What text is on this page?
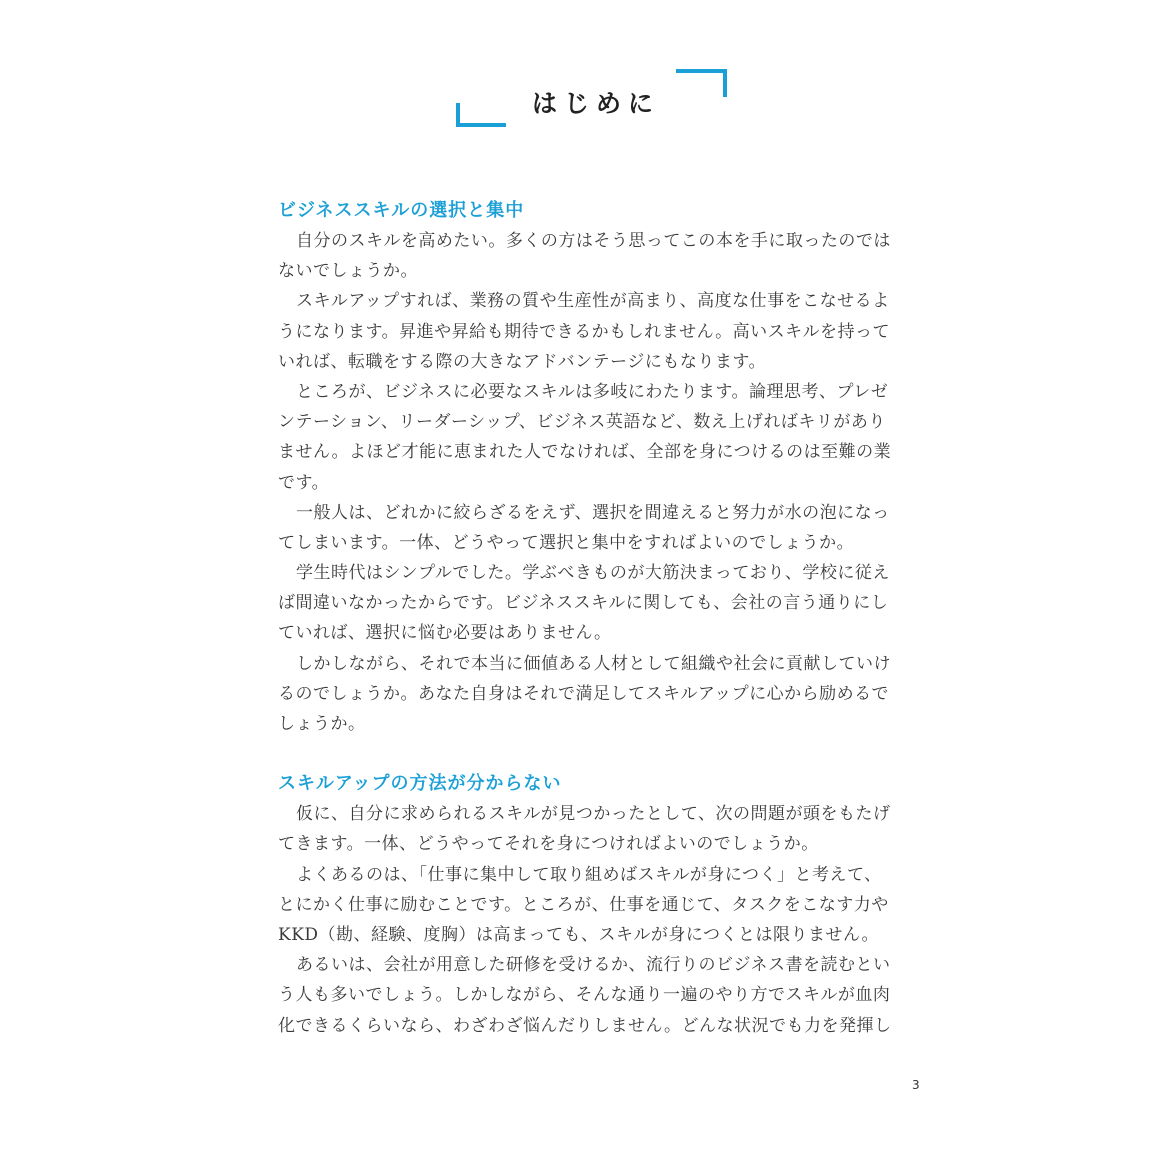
はじめに
ビジネススキルの選択と集中

自分のスキルを高めたい。多くの方はそう思ってこの本を手に取ったのでは
ないでしょうか。

スキルアップすれば、業務の質や生産性が高まり、高度な仕事をこなせるよ
うになります。昇進や昇給も期待できるかもしれません。高いスキルを持って
いれば、転職をする際の大きなアドバンテージにもなります。

ところが、ビジネスに必要なスキルは多岐にわたります。論理思考、プレゼ
ンテーション、リーダーシップ、ビジネス英語など、数え上げればキリがあり
ません。よほど才能に恵まれた人でなければ、全部を身につけるのは至難の業
です。

一般人は、どれかに絞らざるをえず、選択を間違えると努力が水の泡になっ
てしまいます。一体、どうやって選択と集中をすればよいのでしょうか。

学生時代はシンプルでした。学ぶべきものが大筋決まっており、学校に従え
ば間違いなかったからです。ビジネススキルに関しても、会社の言う通りにし
ていれば、選択に悩む必要はありません。

しかしながら、それで本当に価値ある人材として組織や社会に貢献していけ
るのでしょうか。あなた自身はそれで満足してスキルアップに心から励めるで
しょうか。

スキルアップの方法が分からない

仮に、自分に求められるスキルが見つかったとして、次の問題が頭をもたげ
てきます。一体、どうやってそれを身につければよいのでしょうか。

よくあるのは、「仕事に集中して取り組めばスキルが身につく」と考えて、
とにかく仕事に励むことです。ところが、仕事を通じて、タスクをこなす力や
KKD（勘、経験、度胸）は高まっても、スキルが身につくとは限りません。

あるいは、会社が用意した研修を受けるか、流行りのビジネス書を読むとい
う人も多いでしょう。しかしながら、そんな通り一遍のやり方でスキルが血肉
化できるくらいなら、わざわざ悩んだりしません。どんな状況でも力を発揮し

3
